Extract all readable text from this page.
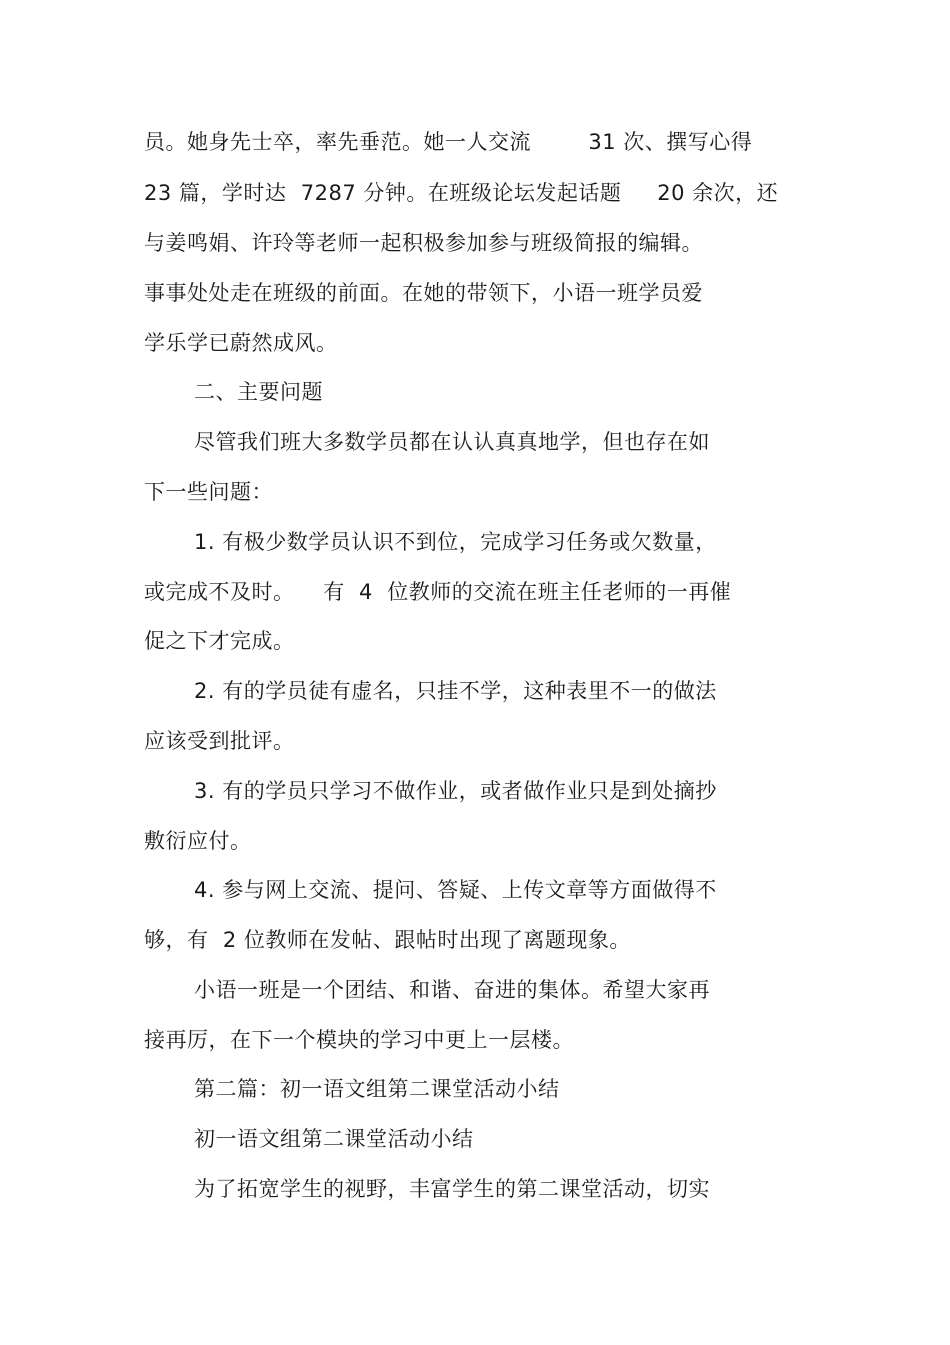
员。她身先士卒，率先垂范。她一人交流        31 次、撰写心得
23 篇，学时达  7287 分钟。在班级论坛发起话题     20 余次，还
与姜鸣娟、许玲等老师一起积极参加参与班级简报的编辑。
事事处处走在班级的前面。在她的带领下，小语一班学员爱
学乐学已蔚然成风。
二、主要问题
尽管我们班大多数学员都在认认真真地学，但也存在如
下一些问题：
1. 有极少数学员认识不到位，完成学习任务或欠数量，
或完成不及时。    有  4  位教师的交流在班主任老师的一再催
促之下才完成。
2. 有的学员徒有虚名，只挂不学，这种表里不一的做法
应该受到批评。
3. 有的学员只学习不做作业，或者做作业只是到处摘抄
敷衍应付。
4. 参与网上交流、提问、答疑、上传文章等方面做得不
够，有  2 位教师在发帖、跟帖时出现了离题现象。
小语一班是一个团结、和谐、奋进的集体。希望大家再
接再厉，在下一个模块的学习中更上一层楼。
第二篇：初一语文组第二课堂活动小结
初一语文组第二课堂活动小结
为了拓宽学生的视野，丰富学生的第二课堂活动，切实
